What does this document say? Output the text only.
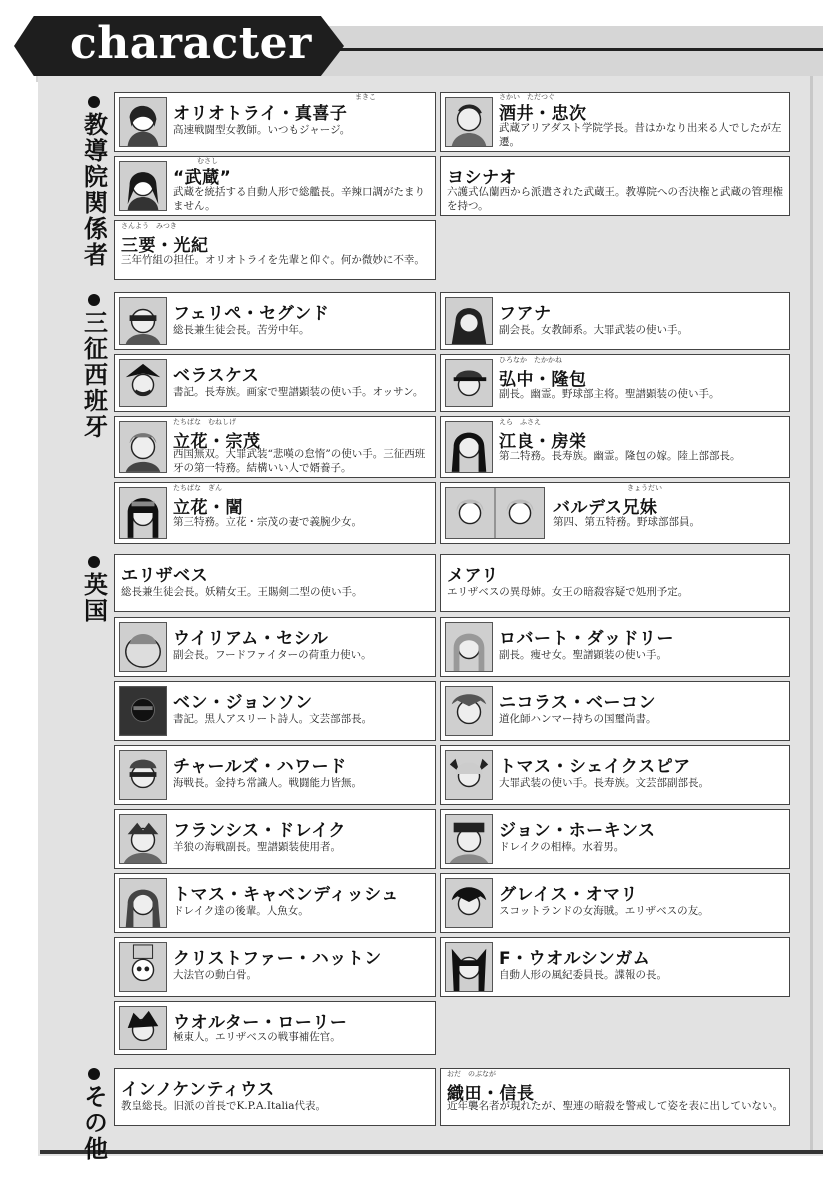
character
教導院関係者
三征西班牙
英国
その他
オリオトライ・真喜子
まきこ
高速戦闘型女教師。いつもジャージ。
酒井・忠次
さかい　ただつぐ
武蔵アリアダスト学院学長。昔はかなり出来る人でしたが左遷。
“武蔵”
むさし
武蔵を統括する自動人形で総艦長。辛辣口調がたまりません。
ヨシナオ
六護式仏蘭西から派遣された武蔵王。教導院への否決権と武蔵の管理権を持つ。
三要・光紀
さんよう　みつき
三年竹組の担任。オリオトライを先輩と仰ぐ。何か微妙に不幸。
フェリペ・セグンド
総長兼生徒会長。苦労中年。
フアナ
副会長。女教師系。大罪武装の使い手。
ベラスケス
書記。長寿族。画家で聖譜顕装の使い手。オッサン。
弘中・隆包
ひろなか　たかかね
副長。幽霊。野球部主将。聖譜顕装の使い手。
立花・宗茂
たちばな　むねしげ
西国無双。大罪武装“悲嘆の怠惰”の使い手。三征西班牙の第一特務。結構いい人で婿養子。
江良・房栄
えら　ふさえ
第二特務。長寿族。幽霊。隆包の嫁。陸上部部長。
立花・誾
たちばな　ぎん
第三特務。立花・宗茂の妻で義腕少女。
バルデス兄妹
きょうだい
第四、第五特務。野球部部員。
エリザベス
総長兼生徒会長。妖精女王。王賜剣二型の使い手。
メアリ
エリザベスの異母姉。女王の暗殺容疑で処刑予定。
ウイリアム・セシル
副会長。フードファイターの荷重力使い。
ロバート・ダッドリー
副長。痩せ女。聖譜顕装の使い手。
ベン・ジョンソン
書記。黒人アスリート詩人。文芸部部長。
ニコラス・ベーコン
道化師ハンマー持ちの国璽尚書。
チャールズ・ハワード
海戦長。金持ち常識人。戦闘能力皆無。
トマス・シェイクスピア
大罪武装の使い手。長寿族。文芸部副部長。
フランシス・ドレイク
羊狼の海戦副長。聖譜顕装使用者。
ジョン・ホーキンス
ドレイクの相棒。水着男。
トマス・キャベンディッシュ
ドレイク達の後輩。人魚女。
グレイス・オマリ
スコットランドの女海賊。エリザベスの友。
クリストファー・ハットン
大法官の動白骨。
F・ウオルシンガム
自動人形の風紀委員長。諜報の長。
ウオルター・ローリー
極東人。エリザベスの戦事補佐官。
インノケンティウス
教皇総長。旧派の首長でK.P.A.Italia代表。
織田・信長
おだ　のぶなが
近年襲名者が現れたが、聖連の暗殺を警戒して姿を表に出していない。
